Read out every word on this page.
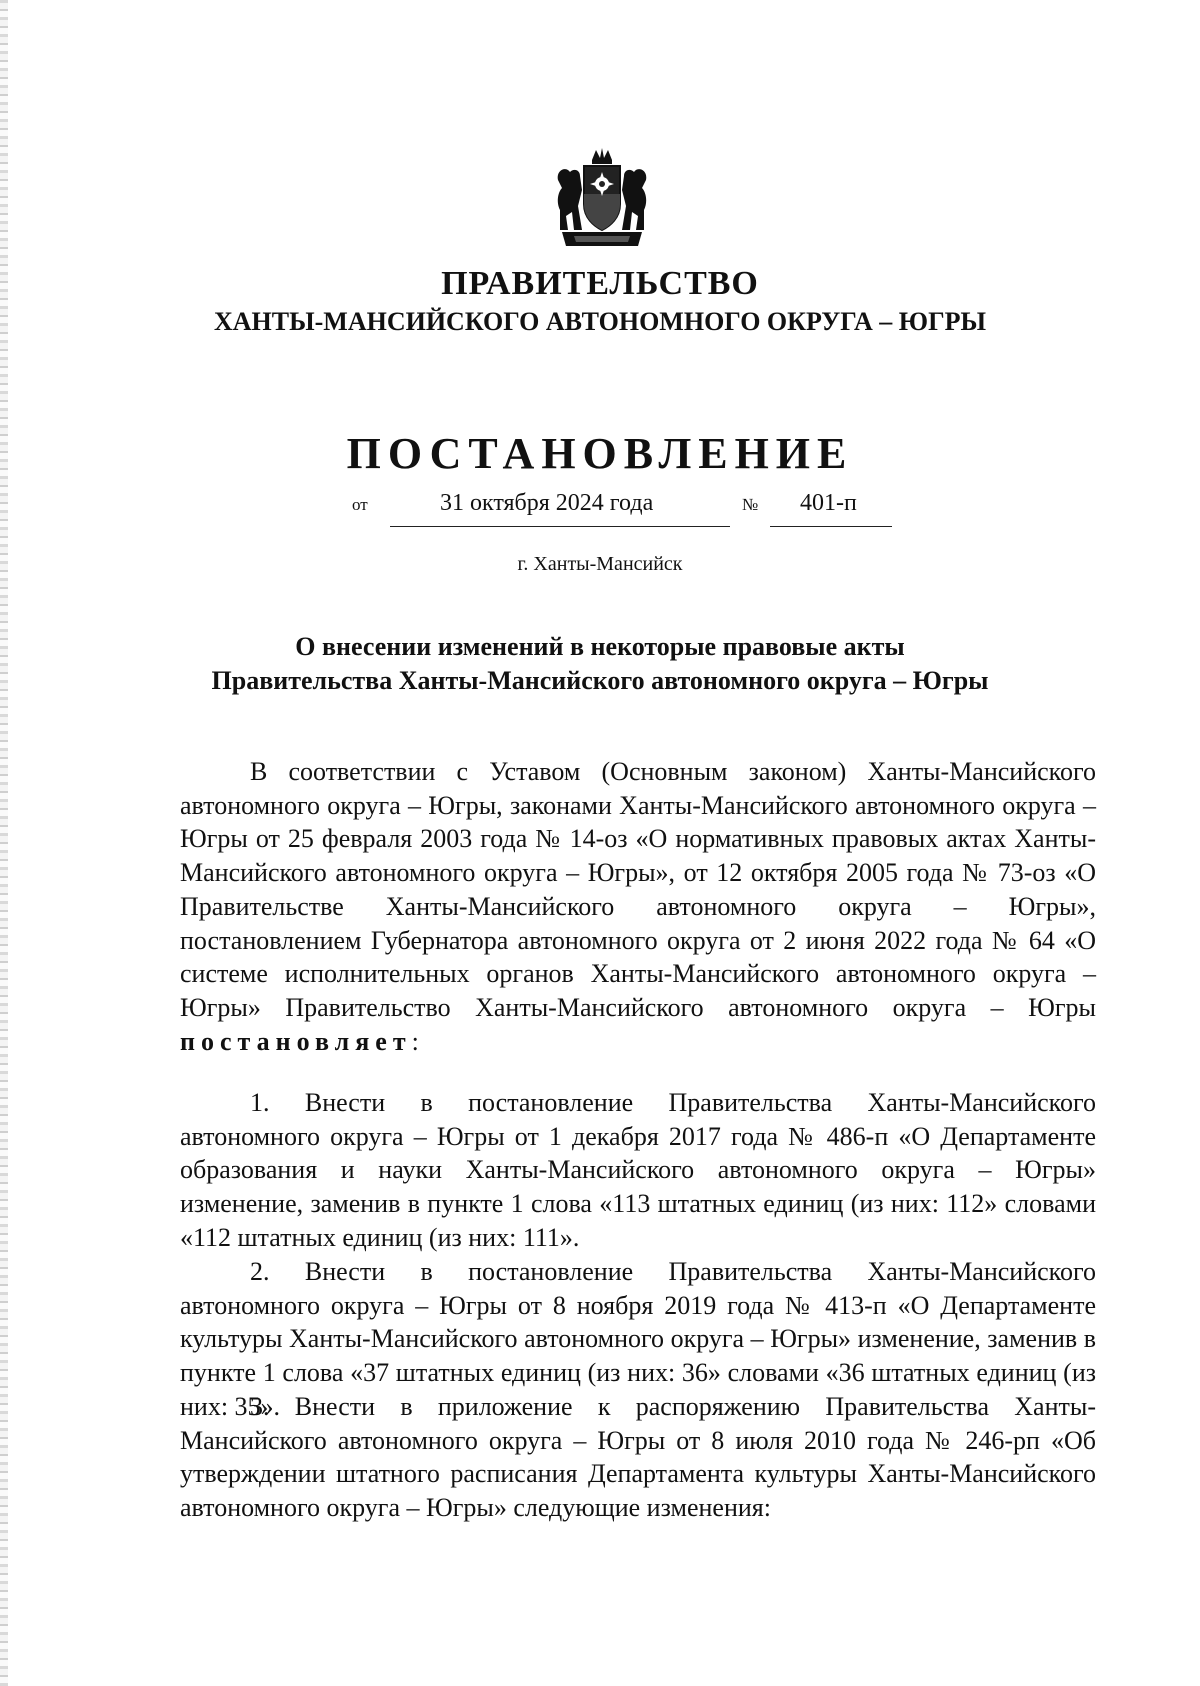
ПРАВИТЕЛЬСТВО
ХАНТЫ-МАНСИЙСКОГО АВТОНОМНОГО ОКРУГА – ЮГРЫ
ПОСТАНОВЛЕНИЕ
от	31 октября 2024 года	№ 401-п
г. Ханты-Мансийск
О внесении изменений в некоторые правовые акты
Правительства Ханты-Мансийского автономного округа – Югры
В соответствии с Уставом (Основным законом) Ханты-Мансийского автономного округа – Югры, законами Ханты-Мансийского автономного округа – Югры от 25 февраля 2003 года № 14-оз «О нормативных правовых актах Ханты-Мансийского автономного округа – Югры», от 12 октября 2005 года № 73-оз «О Правительстве Ханты-Мансийского автономного округа – Югры», постановлением Губернатора автономного округа от 2 июня 2022 года № 64 «О системе исполнительных органов Ханты-Мансийского автономного округа – Югры» Правительство Ханты-Мансийского автономного округа – Югры постановляет:
1. Внести в постановление Правительства Ханты-Мансийского автономного округа – Югры от 1 декабря 2017 года № 486-п «О Департаменте образования и науки Ханты-Мансийского автономного округа – Югры» изменение, заменив в пункте 1 слова «113 штатных единиц (из них: 112» словами «112 штатных единиц (из них: 111».
2. Внести в постановление Правительства Ханты-Мансийского автономного округа – Югры от 8 ноября 2019 года № 413-п «О Департаменте культуры Ханты-Мансийского автономного округа – Югры» изменение, заменив в пункте 1 слова «37 штатных единиц (из них: 36» словами «36 штатных единиц (из них: 35».
3. Внести в приложение к распоряжению Правительства Ханты-Мансийского автономного округа – Югры от 8 июля 2010 года № 246-рп «Об утверждении штатного расписания Департамента культуры Ханты-Мансийского автономного округа – Югры» следующие изменения:
